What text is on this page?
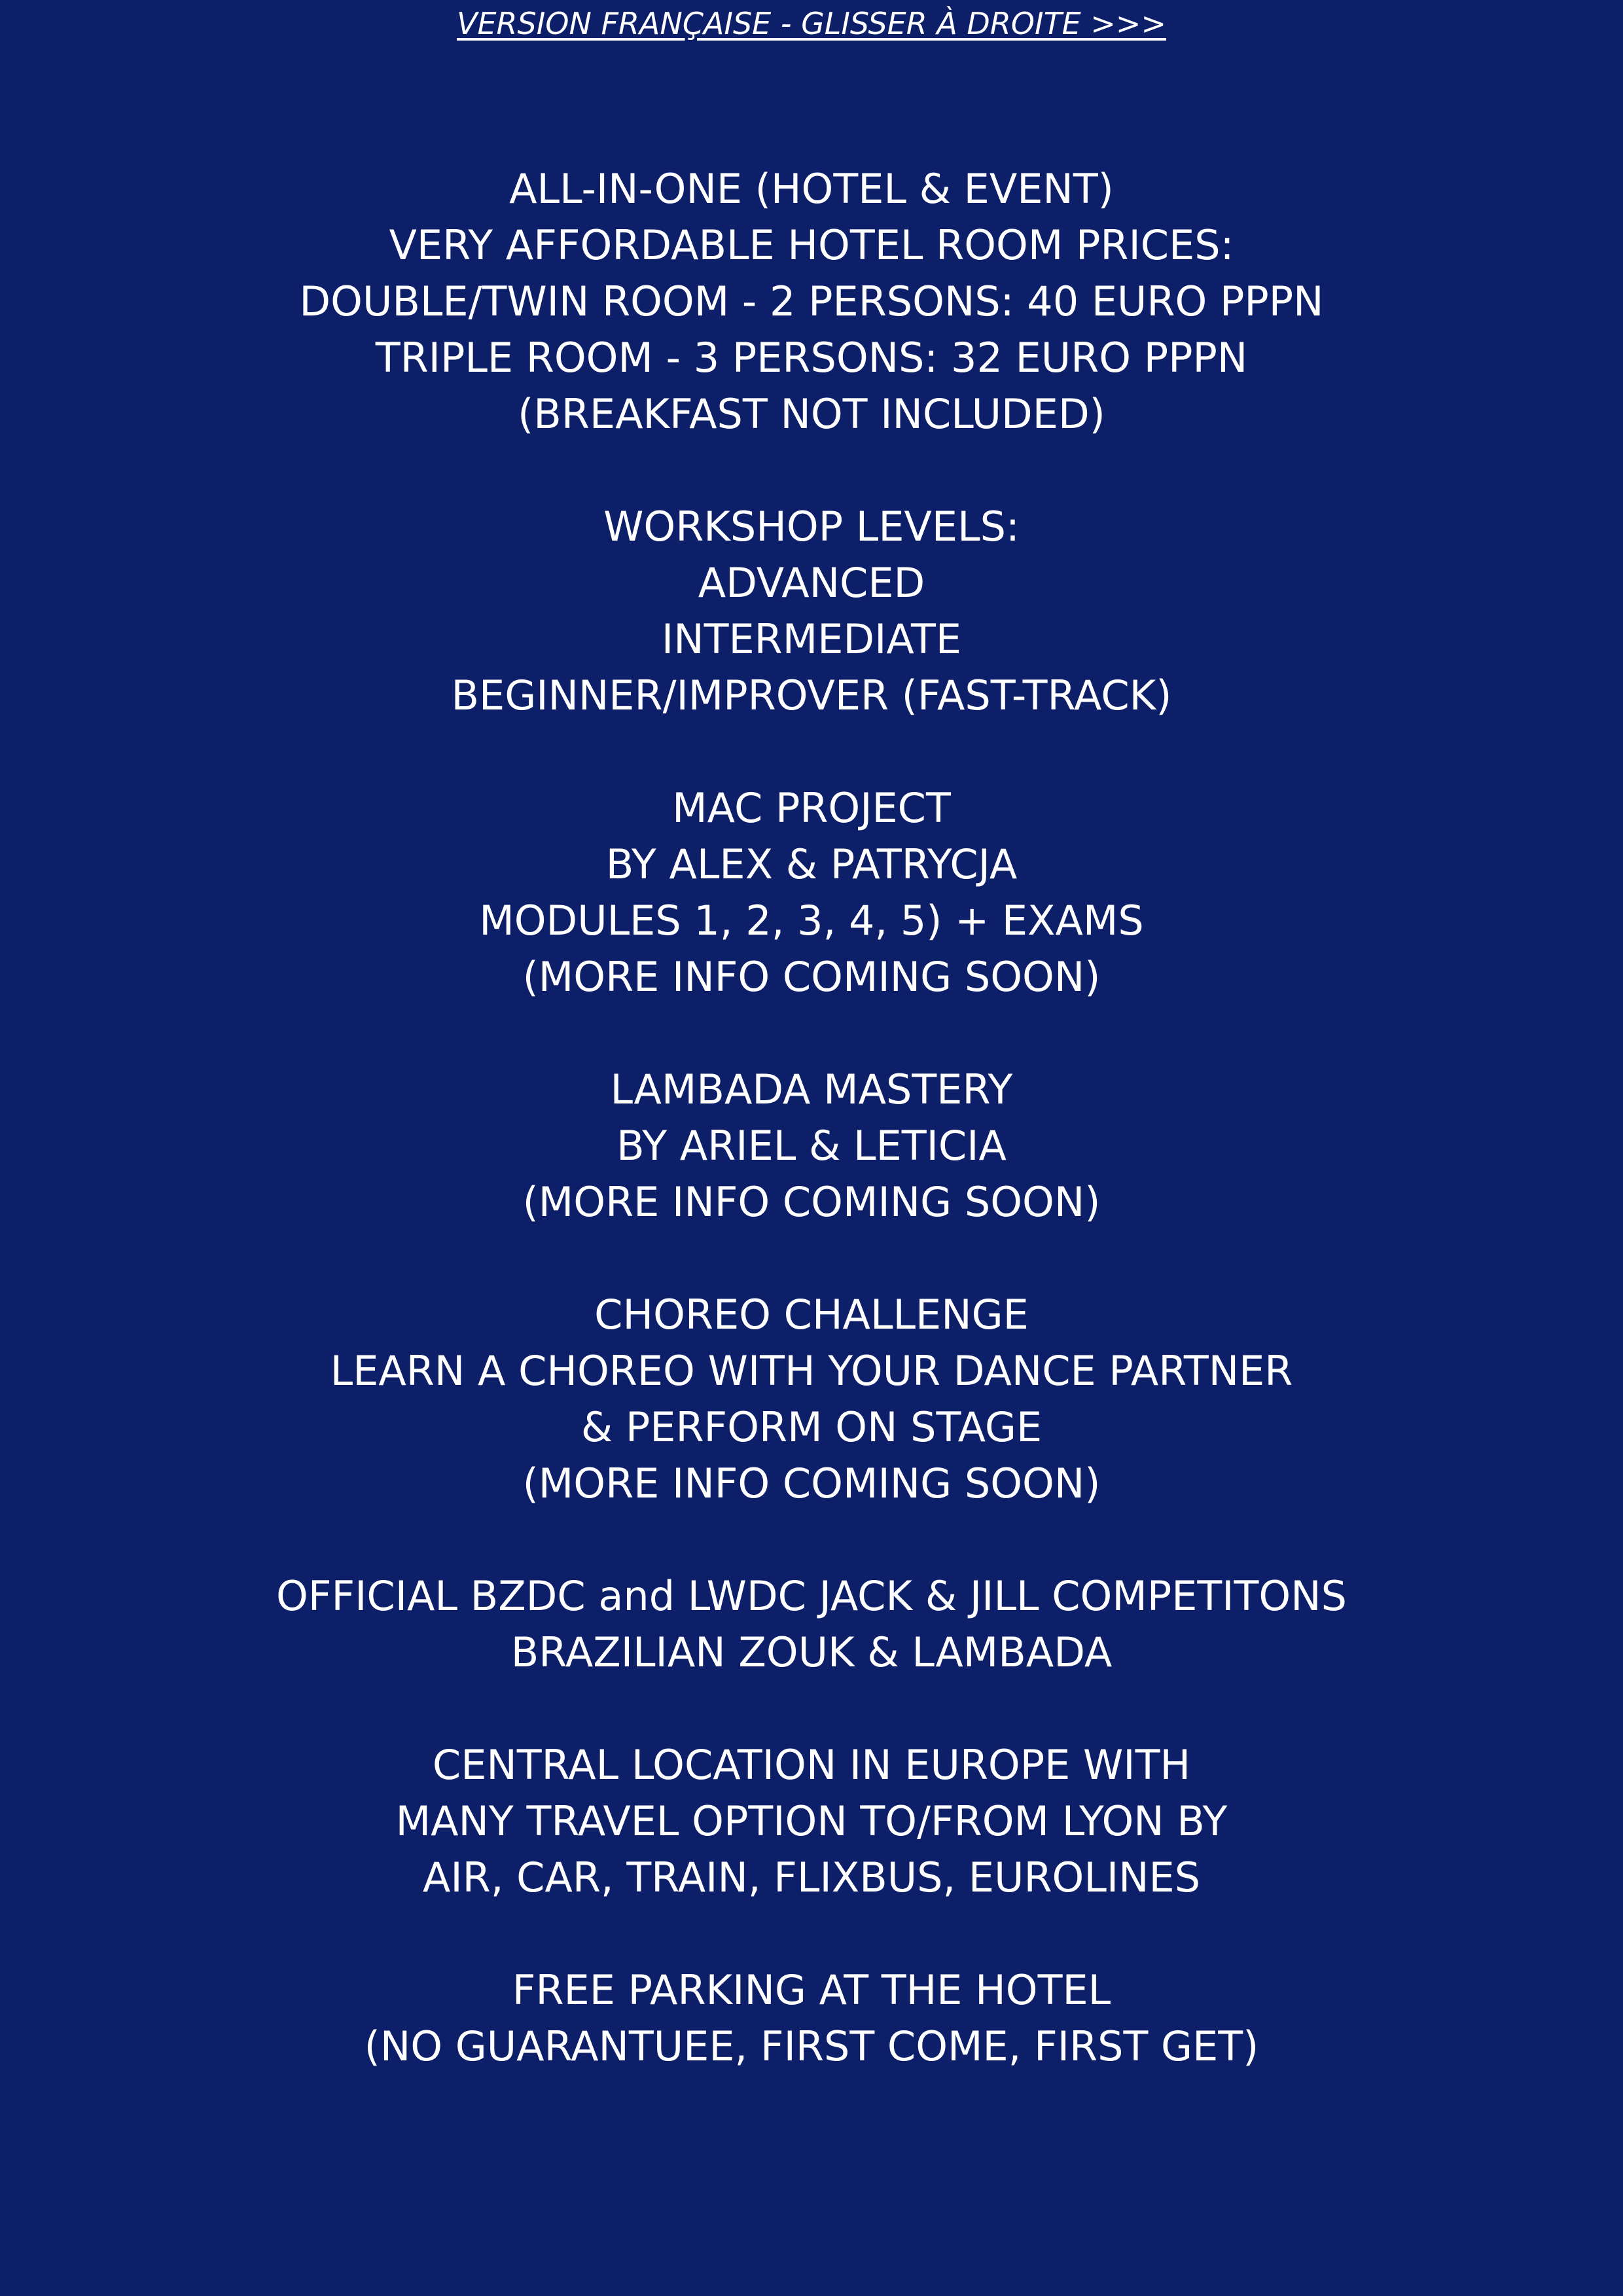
VERSION FRANÇAISE - GLISSER À DROITE >>>
ALL-IN-ONE (HOTEL & EVENT)
VERY AFFORDABLE HOTEL ROOM PRICES:
DOUBLE/TWIN ROOM - 2 PERSONS: 40 EURO PPPN
TRIPLE ROOM - 3 PERSONS: 32 EURO PPPN
(BREAKFAST NOT INCLUDED)
WORKSHOP LEVELS:
ADVANCED
INTERMEDIATE
BEGINNER/IMPROVER (FAST-TRACK)
MAC PROJECT
BY ALEX & PATRYCJA
MODULES 1, 2, 3, 4, 5) + EXAMS
(MORE INFO COMING SOON)
LAMBADA MASTERY
BY ARIEL & LETICIA
(MORE INFO COMING SOON)
CHOREO CHALLENGE
LEARN A CHOREO WITH YOUR DANCE PARTNER
& PERFORM ON STAGE
(MORE INFO COMING SOON)
OFFICIAL BZDC and LWDC JACK & JILL COMPETITONS
BRAZILIAN ZOUK & LAMBADA
CENTRAL LOCATION IN EUROPE WITH
MANY TRAVEL OPTION TO/FROM LYON BY
AIR, CAR, TRAIN, FLIXBUS, EUROLINES
FREE PARKING AT THE HOTEL
(NO GUARANTUEE, FIRST COME, FIRST GET)
